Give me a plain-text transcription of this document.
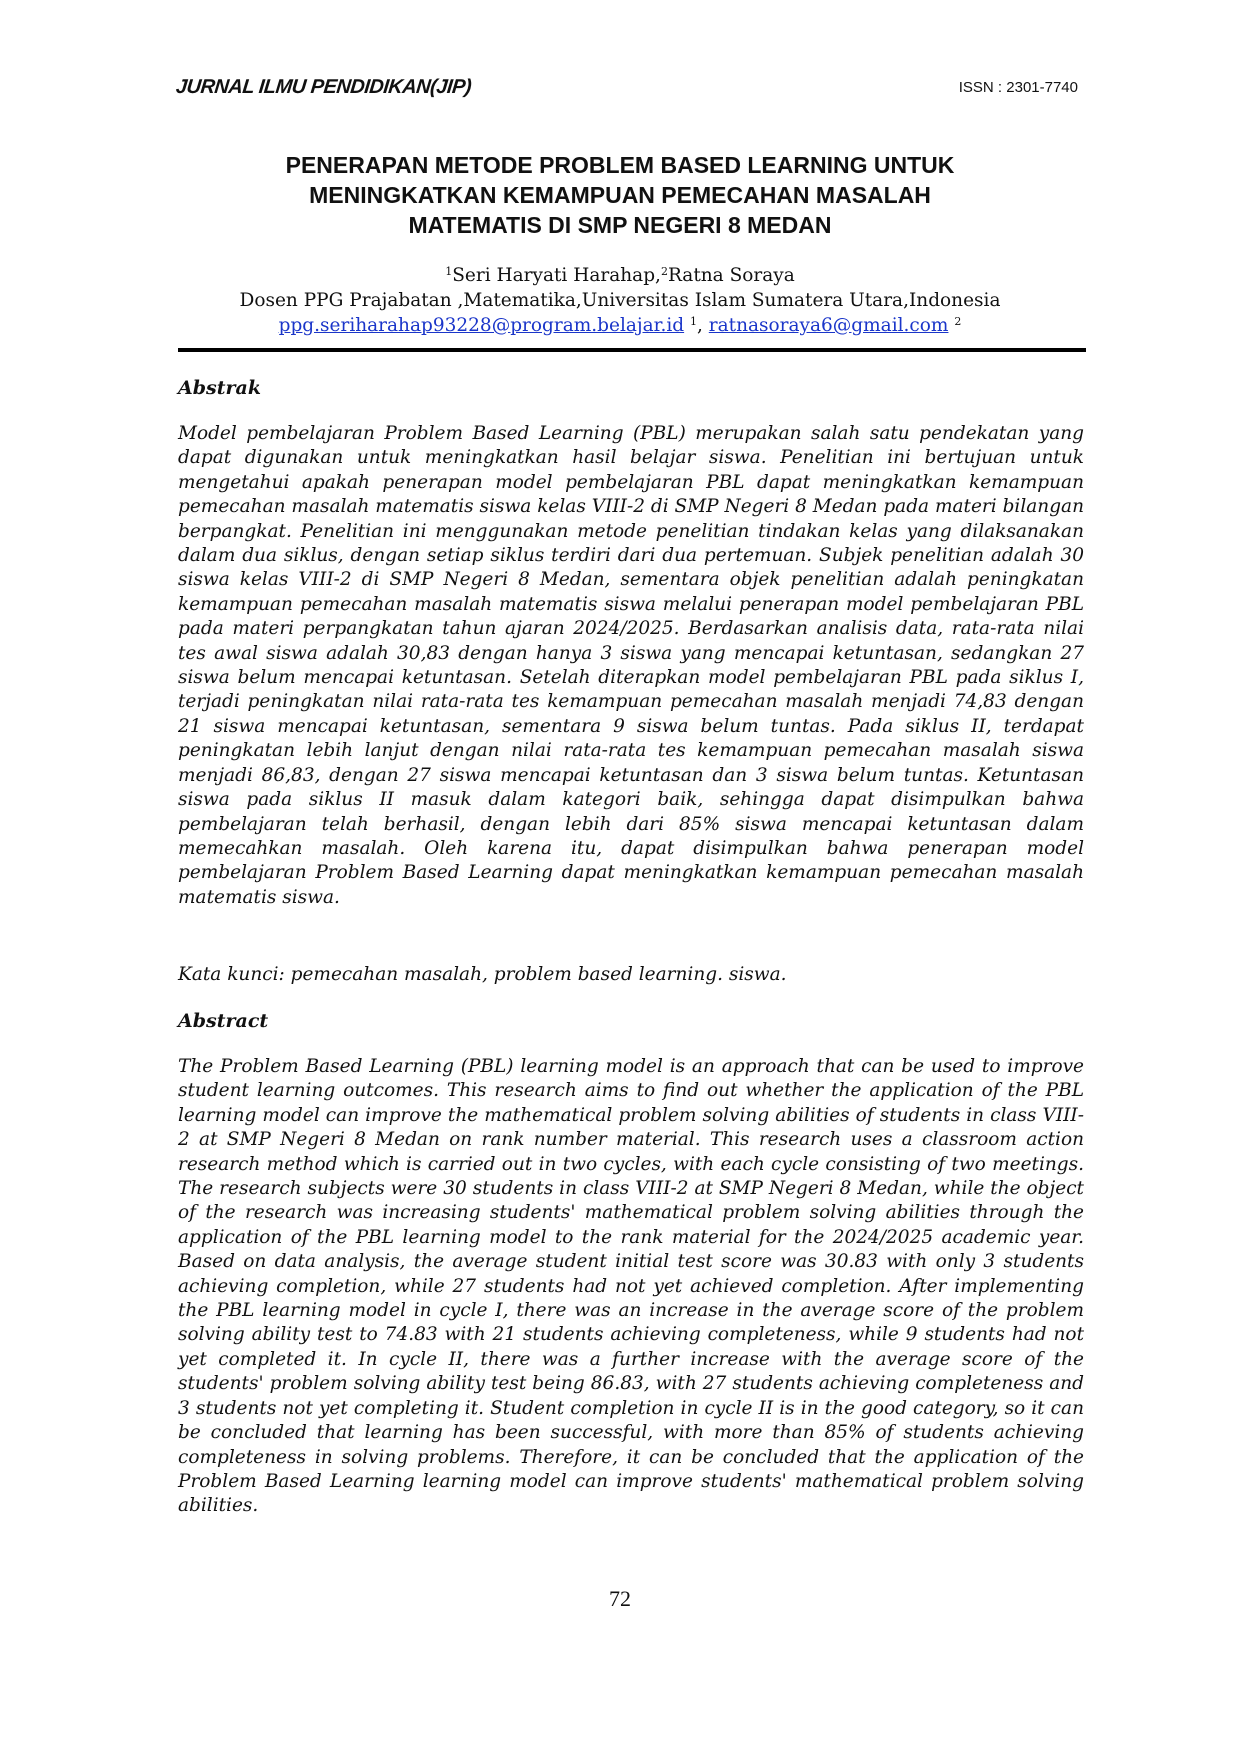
JURNAL ILMU PENDIDIKAN(JIP)	ISSN : 2301-7740
PENERAPAN METODE PROBLEM BASED LEARNING UNTUK
MENINGKATKAN KEMAMPUAN PEMECAHAN MASALAH
MATEMATIS DI SMP NEGERI 8 MEDAN
$^1$Seri Haryati Harahap,$^2$Ratna Soraya
Dosen PPG Prajabatan ,Matematika,Universitas Islam Sumatera Utara,Indonesia
ppg.seriharahap93228@program.belajar.id $^1$, ratnasoraya6@gmail.com $^2$
Abstrak

Model pembelajaran Problem Based Learning (PBL) merupakan salah satu pendekatan yang dapat digunakan untuk meningkatkan hasil belajar siswa. Penelitian ini bertujuan untuk mengetahui apakah penerapan model pembelajaran PBL dapat meningkatkan kemampuan pemecahan masalah matematis siswa kelas VIII-2 di SMP Negeri 8 Medan pada materi bilangan berpangkat. Penelitian ini menggunakan metode penelitian tindakan kelas yang dilaksanakan dalam dua siklus, dengan setiap siklus terdiri dari dua pertemuan. Subjek penelitian adalah 30 siswa kelas VIII-2 di SMP Negeri 8 Medan, sementara objek penelitian adalah peningkatan kemampuan pemecahan masalah matematis siswa melalui penerapan model pembelajaran PBL pada materi perpangkatan tahun ajaran 2024/2025. Berdasarkan analisis data, rata-rata nilai tes awal siswa adalah 30,83 dengan hanya 3 siswa yang mencapai ketuntasan, sedangkan 27 siswa belum mencapai ketuntasan. Setelah diterapkan model pembelajaran PBL pada siklus I, terjadi peningkatan nilai rata-rata tes kemampuan pemecahan masalah menjadi 74,83 dengan 21 siswa mencapai ketuntasan, sementara 9 siswa belum tuntas. Pada siklus II, terdapat peningkatan lebih lanjut dengan nilai rata-rata tes kemampuan pemecahan masalah siswa menjadi 86,83, dengan 27 siswa mencapai ketuntasan dan 3 siswa belum tuntas. Ketuntasan siswa pada siklus II masuk dalam kategori baik, sehingga dapat disimpulkan bahwa pembelajaran telah berhasil, dengan lebih dari 85% siswa mencapai ketuntasan dalam memecahkan masalah. Oleh karena itu, dapat disimpulkan bahwa penerapan model pembelajaran Problem Based Learning dapat meningkatkan kemampuan pemecahan masalah matematis siswa.

Kata kunci: pemecahan masalah, problem based learning. siswa.

Abstract

The Problem Based Learning (PBL) learning model is an approach that can be used to improve student learning outcomes. This research aims to find out whether the application of the PBL learning model can improve the mathematical problem solving abilities of students in class VIII-2 at SMP Negeri 8 Medan on rank number material. This research uses a classroom action research method which is carried out in two cycles, with each cycle consisting of two meetings. The research subjects were 30 students in class VIII-2 at SMP Negeri 8 Medan, while the object of the research was increasing students' mathematical problem solving abilities through the application of the PBL learning model to the rank material for the 2024/2025 academic year. Based on data analysis, the average student initial test score was 30.83 with only 3 students achieving completion, while 27 students had not yet achieved completion. After implementing the PBL learning model in cycle I, there was an increase in the average score of the problem solving ability test to 74.83 with 21 students achieving completeness, while 9 students had not yet completed it. In cycle II, there was a further increase with the average score of the students' problem solving ability test being 86.83, with 27 students achieving completeness and 3 students not yet completing it. Student completion in cycle II is in the good category, so it can be concluded that learning has been successful, with more than 85% of students achieving completeness in solving problems. Therefore, it can be concluded that the application of the Problem Based Learning learning model can improve students' mathematical problem solving abilities.

72
